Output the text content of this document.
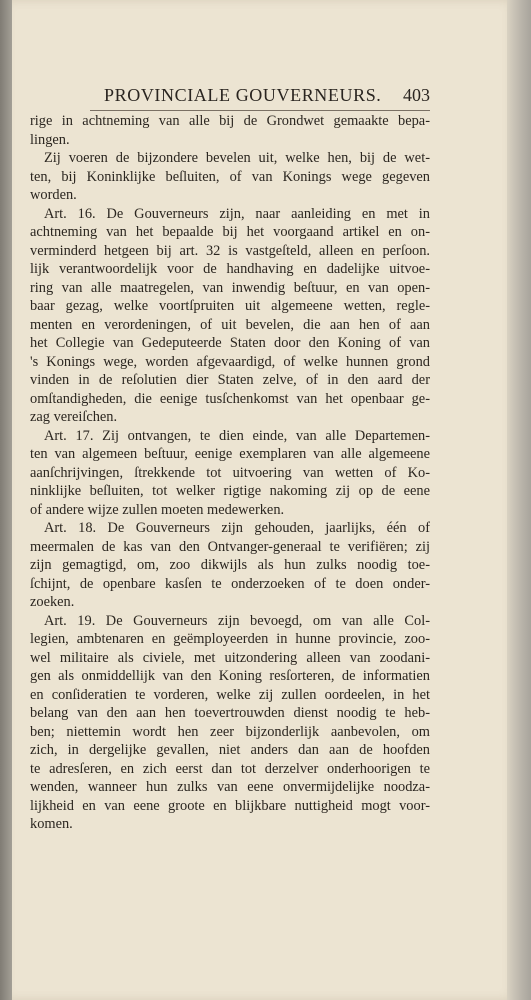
PROVINCIALE GOUVERNEURS. 403
rige in achtneming van alle bij de Grondwet gemaakte bepa-
lingen.
Zij voeren de bijzondere bevelen uit, welke hen, bij de wet-
ten, bij Koninklijke beſluiten, of van Konings wege gegeven
worden.
Art. 16. De Gouverneurs zijn, naar aanleiding en met in
achtneming van het bepaalde bij het voorgaand artikel en on-
verminderd hetgeen bij art. 32 is vastgeſteld, alleen en perſoon.
lijk verantwoordelijk voor de handhaving en dadelijke uitvoe-
ring van alle maatregelen, van inwendig beſtuur, en van open-
baar gezag, welke voortſpruiten uit algemeene wetten, regle-
menten en verordeningen, of uit bevelen, die aan hen of aan
het Collegie van Gedeputeerde Staten door den Koning of van
's Konings wege, worden afgevaardigd, of welke hunnen grond
vinden in de reſolutien dier Staten zelve, of in den aard der
omſtandigheden, die eenige tusſchenkomst van het openbaar ge-
zag vereiſchen.
Art. 17. Zij ontvangen, te dien einde, van alle Departemen-
ten van algemeen beſtuur, eenige exemplaren van alle algemeene
aanſchrijvingen, ſtrekkende tot uitvoering van wetten of Ko-
ninklijke beſluiten, tot welker rigtige nakoming zij op de eene
of andere wijze zullen moeten medewerken.
Art. 18. De Gouverneurs zijn gehouden, jaarlijks, één of
meermalen de kas van den Ontvanger-generaal te verifiëren; zij
zijn gemagtigd, om, zoo dikwijls als hun zulks noodig toe-
ſchijnt, de openbare kasſen te onderzoeken of te doen onder-
zoeken.
Art. 19. De Gouverneurs zijn bevoegd, om van alle Col-
legien, ambtenaren en geëmployeerden in hunne provincie, zoo-
wel militaire als civiele, met uitzondering alleen van zoodani-
gen als onmiddellijk van den Koning resſorteren, de informatien
en conſideratien te vorderen, welke zij zullen oordeelen, in het
belang van den aan hen toevertrouwden dienst noodig te heb-
ben; niettemin wordt hen zeer bijzonderlijk aanbevolen, om
zich, in dergelijke gevallen, niet anders dan aan de hoofden
te adresſeren, en zich eerst dan tot derzelver onderhoorigen te
wenden, wanneer hun zulks van eene onvermijdelijke noodza-
lijkheid en van eene groote en blijkbare nuttigheid mogt voor-
komen.
